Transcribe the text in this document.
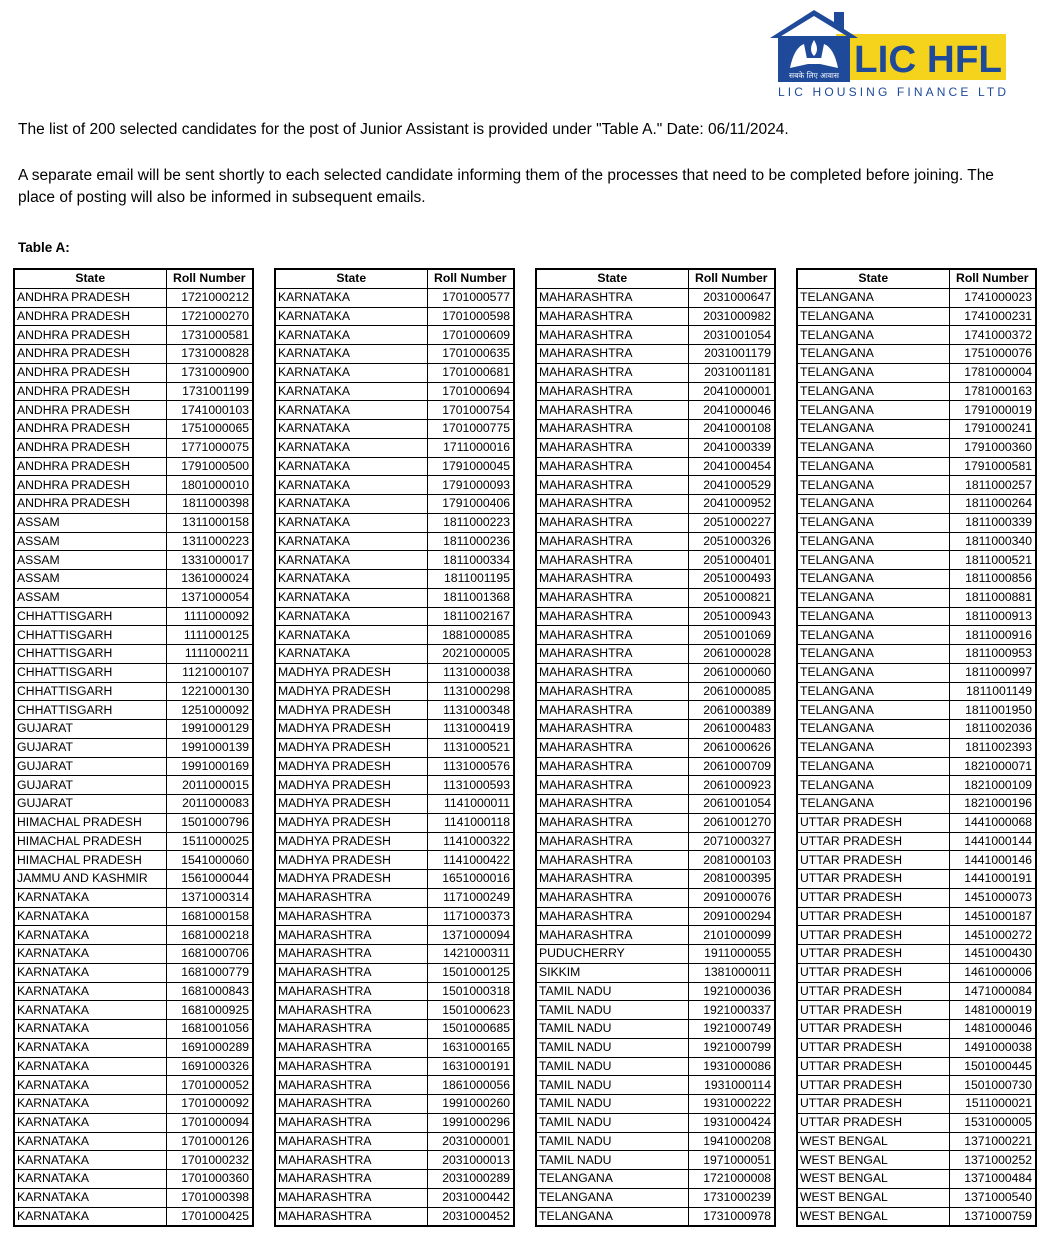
सबके लिए आवास LIC HFL
LIC HOUSING FINANCE LTD

The list of 200 selected candidates for the post of Junior Assistant is provided under "Table A." Date: 06/11/2024.

A separate email will be sent shortly to each selected candidate informing them of the processes that need to be completed before joining. The place of posting will also be informed in subsequent emails.

Table A:

State	Roll Number
ANDHRA PRADESH	1721000212
ANDHRA PRADESH	1721000270
ANDHRA PRADESH	1731000581
ANDHRA PRADESH	1731000828
ANDHRA PRADESH	1731000900
ANDHRA PRADESH	1731001199
ANDHRA PRADESH	1741000103
ANDHRA PRADESH	1751000065
ANDHRA PRADESH	1771000075
ANDHRA PRADESH	1791000500
ANDHRA PRADESH	1801000010
ANDHRA PRADESH	1811000398
ASSAM	1311000158
ASSAM	1311000223
ASSAM	1331000017
ASSAM	1361000024
ASSAM	1371000054
CHHATTISGARH	1111000092
CHHATTISGARH	1111000125
CHHATTISGARH	1111000211
CHHATTISGARH	1121000107
CHHATTISGARH	1221000130
CHHATTISGARH	1251000092
GUJARAT	1991000129
GUJARAT	1991000139
GUJARAT	1991000169
GUJARAT	2011000015
GUJARAT	2011000083
HIMACHAL PRADESH	1501000796
HIMACHAL PRADESH	1511000025
HIMACHAL PRADESH	1541000060
JAMMU AND KASHMIR	1561000044
KARNATAKA	1371000314
KARNATAKA	1681000158
KARNATAKA	1681000218
KARNATAKA	1681000706
KARNATAKA	1681000779
KARNATAKA	1681000843
KARNATAKA	1681000925
KARNATAKA	1681001056
KARNATAKA	1691000289
KARNATAKA	1691000326
KARNATAKA	1701000052
KARNATAKA	1701000092
KARNATAKA	1701000094
KARNATAKA	1701000126
KARNATAKA	1701000232
KARNATAKA	1701000360
KARNATAKA	1701000398
KARNATAKA	1701000425
State	Roll Number
KARNATAKA	1701000577
KARNATAKA	1701000598
KARNATAKA	1701000609
KARNATAKA	1701000635
KARNATAKA	1701000681
KARNATAKA	1701000694
KARNATAKA	1701000754
KARNATAKA	1701000775
KARNATAKA	1711000016
KARNATAKA	1791000045
KARNATAKA	1791000093
KARNATAKA	1791000406
KARNATAKA	1811000223
KARNATAKA	1811000236
KARNATAKA	1811000334
KARNATAKA	1811001195
KARNATAKA	1811001368
KARNATAKA	1811002167
KARNATAKA	1881000085
KARNATAKA	2021000005
MADHYA PRADESH	1131000038
MADHYA PRADESH	1131000298
MADHYA PRADESH	1131000348
MADHYA PRADESH	1131000419
MADHYA PRADESH	1131000521
MADHYA PRADESH	1131000576
MADHYA PRADESH	1131000593
MADHYA PRADESH	1141000011
MADHYA PRADESH	1141000118
MADHYA PRADESH	1141000322
MADHYA PRADESH	1141000422
MADHYA PRADESH	1651000016
MAHARASHTRA	1171000249
MAHARASHTRA	1171000373
MAHARASHTRA	1371000094
MAHARASHTRA	1421000311
MAHARASHTRA	1501000125
MAHARASHTRA	1501000318
MAHARASHTRA	1501000623
MAHARASHTRA	1501000685
MAHARASHTRA	1631000165
MAHARASHTRA	1631000191
MAHARASHTRA	1861000056
MAHARASHTRA	1991000260
MAHARASHTRA	1991000296
MAHARASHTRA	2031000001
MAHARASHTRA	2031000013
MAHARASHTRA	2031000289
MAHARASHTRA	2031000442
MAHARASHTRA	2031000452
State	Roll Number
MAHARASHTRA	2031000647
MAHARASHTRA	2031000982
MAHARASHTRA	2031001054
MAHARASHTRA	2031001179
MAHARASHTRA	2031001181
MAHARASHTRA	2041000001
MAHARASHTRA	2041000046
MAHARASHTRA	2041000108
MAHARASHTRA	2041000339
MAHARASHTRA	2041000454
MAHARASHTRA	2041000529
MAHARASHTRA	2041000952
MAHARASHTRA	2051000227
MAHARASHTRA	2051000326
MAHARASHTRA	2051000401
MAHARASHTRA	2051000493
MAHARASHTRA	2051000821
MAHARASHTRA	2051000943
MAHARASHTRA	2051001069
MAHARASHTRA	2061000028
MAHARASHTRA	2061000060
MAHARASHTRA	2061000085
MAHARASHTRA	2061000389
MAHARASHTRA	2061000483
MAHARASHTRA	2061000626
MAHARASHTRA	2061000709
MAHARASHTRA	2061000923
MAHARASHTRA	2061001054
MAHARASHTRA	2061001270
MAHARASHTRA	2071000327
MAHARASHTRA	2081000103
MAHARASHTRA	2081000395
MAHARASHTRA	2091000076
MAHARASHTRA	2091000294
MAHARASHTRA	2101000099
PUDUCHERRY	1911000055
SIKKIM	1381000011
TAMIL NADU	1921000036
TAMIL NADU	1921000337
TAMIL NADU	1921000749
TAMIL NADU	1921000799
TAMIL NADU	1931000086
TAMIL NADU	1931000114
TAMIL NADU	1931000222
TAMIL NADU	1931000424
TAMIL NADU	1941000208
TAMIL NADU	1971000051
TELANGANA	1721000008
TELANGANA	1731000239
TELANGANA	1731000978
State	Roll Number
TELANGANA	1741000023
TELANGANA	1741000231
TELANGANA	1741000372
TELANGANA	1751000076
TELANGANA	1781000004
TELANGANA	1781000163
TELANGANA	1791000019
TELANGANA	1791000241
TELANGANA	1791000360
TELANGANA	1791000581
TELANGANA	1811000257
TELANGANA	1811000264
TELANGANA	1811000339
TELANGANA	1811000340
TELANGANA	1811000521
TELANGANA	1811000856
TELANGANA	1811000881
TELANGANA	1811000913
TELANGANA	1811000916
TELANGANA	1811000953
TELANGANA	1811000997
TELANGANA	1811001149
TELANGANA	1811001950
TELANGANA	1811002036
TELANGANA	1811002393
TELANGANA	1821000071
TELANGANA	1821000109
TELANGANA	1821000196
UTTAR PRADESH	1441000068
UTTAR PRADESH	1441000144
UTTAR PRADESH	1441000146
UTTAR PRADESH	1441000191
UTTAR PRADESH	1451000073
UTTAR PRADESH	1451000187
UTTAR PRADESH	1451000272
UTTAR PRADESH	1451000430
UTTAR PRADESH	1461000006
UTTAR PRADESH	1471000084
UTTAR PRADESH	1481000019
UTTAR PRADESH	1481000046
UTTAR PRADESH	1491000038
UTTAR PRADESH	1501000445
UTTAR PRADESH	1501000730
UTTAR PRADESH	1511000021
UTTAR PRADESH	1531000005
WEST BENGAL	1371000221
WEST BENGAL	1371000252
WEST BENGAL	1371000484
WEST BENGAL	1371000540
WEST BENGAL	1371000759
